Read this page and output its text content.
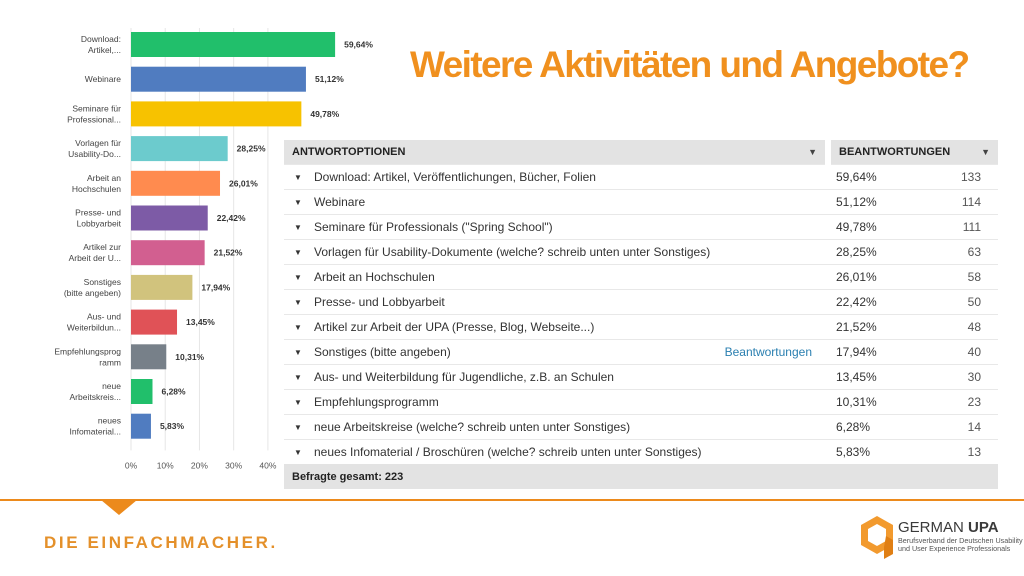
0% 10% 20% 30% 40%
59,64%
Download:
Artikel,...
51,12%
Webinare
49,78%
Seminare für
Professional...
28,25%
Vorlagen für
Usability-Do...
26,01%
Arbeit an
Hochschulen
22,42%
Presse- und
Lobbyarbeit
21,52%
Artikel zur
Arbeit der U...
17,94%
Sonstiges
(bitte angeben)
13,45%
Aus- und
Weiterbildun...
10,31%
Empfehlungsprog
ramm
6,28%
neue
Arbeitskreis...
5,83%
neues
Infomaterial...
Weitere Aktivitäten und Angebote?
ANTWORTOPTIONEN ▼	BEANTWORTUNGEN ▼	

▼ Download: Artikel, Veröffentlichungen, Bücher, Folien	59,64%	133
▼ Webinare	51,12%	114
▼ Seminare für Professionals ("Spring School")	49,78%	111
▼ Vorlagen für Usability-Dokumente (welche? schreib unten unter Sonstiges)	28,25%	63
▼ Arbeit an Hochschulen	26,01%	58
▼ Presse- und Lobbyarbeit	22,42%	50
▼ Artikel zur Arbeit der UPA (Presse, Blog, Webseite...)	21,52%	48
▼ Sonstiges (bitte angeben) Beantwortungen	17,94%	40
▼ Aus- und Weiterbildung für Jugendliche, z.B. an Schulen	13,45%	30
▼ Empfehlungsprogramm	10,31%	23
▼ neue Arbeitskreise (welche? schreib unten unter Sonstiges)	6,28%	14
▼ neues Infomaterial / Broschüren (welche? schreib unten unter Sonstiges)	5,83%	13
Befragte gesamt: 223		
DIE EINFACHMACHER.
GERMAN UPA
Berufsverband der Deutschen Usability
und User Experience Professionals
